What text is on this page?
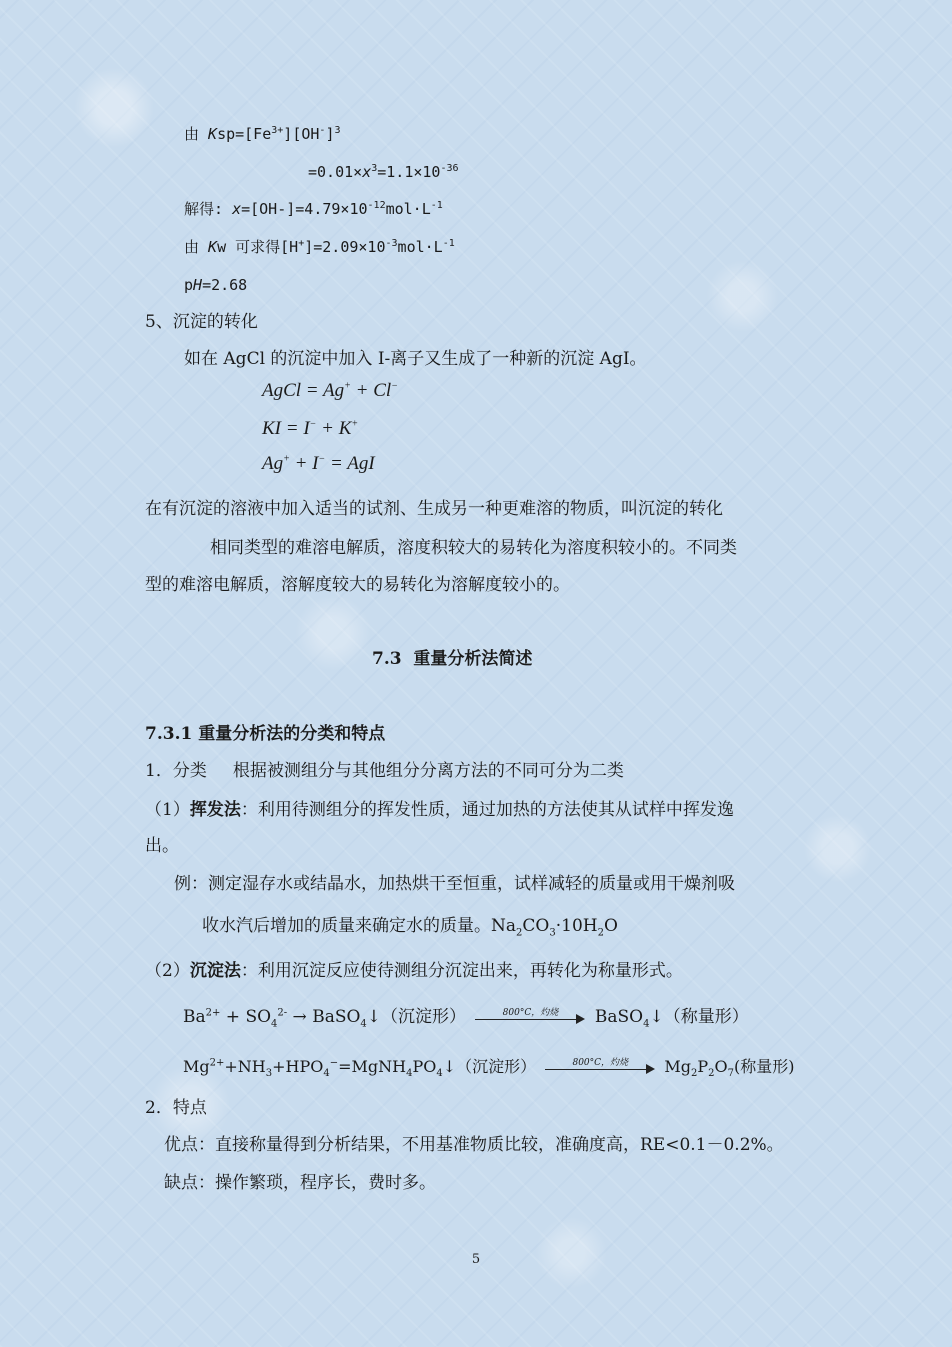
由 $Ksp=[Fe^{3+}][OH^-]^3$
$=0.01\times x^3=1.1\times 10^{-36}$
解得: $x=[OH-]=4.79\times 10^{-12}mol\cdot L^{-1}$
由 Kw 可求得$[H^+]=2.09\times 10^{-3}mol\cdot L^{-1}$
pH=2.68
5、沉淀的转化
如在 AgCl 的沉淀中加入 I-离子又生成了一种新的沉淀 AgI。
AgCl = Ag+ + Cl−
KI = I− + K+
Ag+ + I− = AgI
在有沉淀的溶液中加入适当的试剂、生成另一种更难溶的物质，叫沉淀的转化
相同类型的难溶电解质，溶度积较大的易转化为溶度积较小的。不同类
型的难溶电解质，溶解度较大的易转化为溶解度较小的。
7.3  重量分析法简述
7.3.1 重量分析法的分类和特点
1．分类 根据被测组分与其他组分分离方法的不同可分为二类
（1）挥发法：利用待测组分的挥发性质，通过加热的方法使其从试样中挥发逸
出。
例：测定湿存水或结晶水，加热烘干至恒重，试样减轻的质量或用干燥剂吸
收水汽后增加的质量来确定水的质量。$Na_2CO_3\cdot 10H_2O$
（2）沉淀法：利用沉淀反应使待测组分沉淀出来，再转化为称量形式。
$Ba^{2+} + SO_4^{2-}$ → BaSO$_4$↓（沉淀形）	800°C，灼烧	BaSO$_4$↓（称量形）
$Mg^{2+}+NH_3+HPO_4^-=MgNH_4PO_4↓$（沉淀形）	800°C，灼烧	$Mg_2P_2O_7$(称量形)
2．特点
优点：直接称量得到分析结果，不用基准物质比较，准确度高，RE<0.1－0.2%。
缺点：操作繁琐，程序长，费时多。
5
